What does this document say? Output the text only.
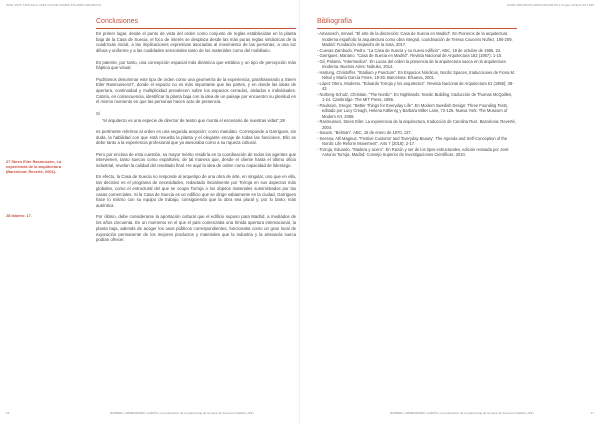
ISSN 1575-7466 Arbor 2023 COLOR 000499 PN+6005 000499 PN
Conclusiones
27 Steen Eiler Rasmussen, La experiencia de la arquitectura (Barcelona: Reverté, 2004).
28 Ibidem: 17.

En primer lugar, desde el punto de vista del orden como conjunto de reglas establecidas en la planta baja de la Casa de Suecia, el foco de interés se desplaza desde las más puras reglas sintácticas de la cuadrícula inicial, a las implicaciones expresivas asociadas al movimiento de las personas, a una luz difusa y uniforme y a las cualidades sensoriales tanto de los materiales como del mobiliario.

Es patente, por tanto, una concepción espacial más dinámica que estática y un tipo de percepción más háptica que visual.

Podríamos denominar este tipo de orden como una geometría de la experiencia, parafraseando a Steen Eiler Rasmussen27, donde el espacio no es más importante que las partes, y en donde las ideas de apertura, continuidad y multiplicidad prevalecen sobre los espacios cerrados, aislados e individuales. Cabría, en consecuencia, identificar la planta baja con la idea de un paisaje por encuentro su plenitud en el mismo momento en que las personas hacen acto de presencia.

Si

"el arquitecto es una especie de director de teatro que monta el escenario de nuestras vidas",28

es pertinente referirse al orden en una segunda acepción: como mandato. Corresponde a Garrigues, sin duda, la habilidad con que está resuelta la planta y el elegante encaje de todas las funciones. Ello se debe tanto a la experiencia profesional que ya atesoraba como a su riqueza cultural.

Pero por encima de esta cuestión, su mayor mérito residiría en la coordinación de todos los agentes que intervienen, tanto suecos como españoles, de tal manera que, desde el cliente hasta el último oficio industrial, revelan la calidad del resultado final. He aquí la idea de orden como capacidad de liderazgo.

En efecto, la Casa de Suecia no responde al arquetipo de una obra de arte, en singular, uno que en ella, tan decisivo es el programa de necesidades, redactado inicialmente por Torroja en sus aspectos más globales, como el estructural del que se ocupa Torroja o los objetos materiales suministrados por las casas comerciales. Si la Casa de Suecia es un edificio que se dirige sabiamente en la ciudad, Garrigues hace lo mismo con su equipo de trabajo, consiguiendo que la obra sea plural y, por lo tanto, más auténtica.

Por último, debe considerarse la aportación cultural que el edificio supuso para Madrid, a mediados de los años cincuenta. En un momento en el que el país comenzaba una tímida apertura internacional, la planta baja, además de acoger los usos públicos correspondientes, funcionaba como un gran local de exposición permanente de los mejores productos y materiales que la industria y la artesanía sueca podían ofrecer.

16	ROMERO, ARMENDÁRIZ, GARCÍA | La ordenación de la planta baja de la Casa de Suecia en Madrid, 2017
ESSN 000499 PN+6005 000499 PN | Grupo 23 ELS 00 1045
Bibliografía

- Amanosch, Ismael. "El arte de la discreción: Casa de Suecia en Madrid". En Pioneros de la arquitectura moderna española: la arquitectura como obra integral, coordinación de Teresa Couceiro Núñez, 190-209. Madrid: Fundación Alejandro de la Sota, 2017.

- Cuevas Zambudo, Pedro. "La Casa de Suecia y su nuevo edificio". ABC, 19 de octubre de 1956, 24.

- Garrigues, Mariano. "Casa de Suecia en Madrid". Revista Nacional de Arquitectura 182 (1957): 1-10.

- Gil, Paloma. "Intermedios". En Lucas del orden la presencia de la arquitectura sueca en la arquitectura moderna. Buenos Aires: Nobuko, 2014.

- Hartung, Christoffer. "Stadium y Punctum". En Espacios Nórdicos, Nordic Spaces, traducciones de Fiona M. Nilsol y María García Freire, 19-29. Barcelona: Efsueva, 2001.

- López Otero, Modesto. "Eduardo Torroja y los arquitectos". Revista Nacional de Arquitectura 51 (1955): 38-42.

- Norberg-Schulz, Christian. "The Nordic". En Nightlands: Nordic Building, traducción de Thomas McQuillen, 1-24. Cambridge: The MIT Press, 1996.

- Paulsson, Gregor. "Better Things for Everyday Life". En Modern Swedish Design: Three Founding Texts, editado por Lucy Creagh, Helena Källenrg y Barbara Miller Lane, 72-125. Nueva York: The Museum of Modern Art, 2008.

- Rasmussen, Steen Eiler. La experiencia de la arquitectura, traducción de Carolina Ruiz. Barcelona: Reverté, 2004.

- Sauvin. "Belman". ABC, 18 de enero de 1970, 137.

- Seerow, Atli Magnus. "Festive Customs' and 'Everyday Beauty'. The Agenda and Self-Conception of the Nordic Life Reform Movement". Arts 7 (2018): 2-17.

- Torroja, Eduardo. "Madera y acero". En Razón y ser de los tipos estructurales, edición revisada por José Antonio Torroja. Madrid: Consejo Superior de Investigaciones Científicas, 2010.

ROMERO, ARMENDÁRIZ, GARCÍA | La ordenación de la planta baja de la Casa de Suecia en Madrid, 2017	17
